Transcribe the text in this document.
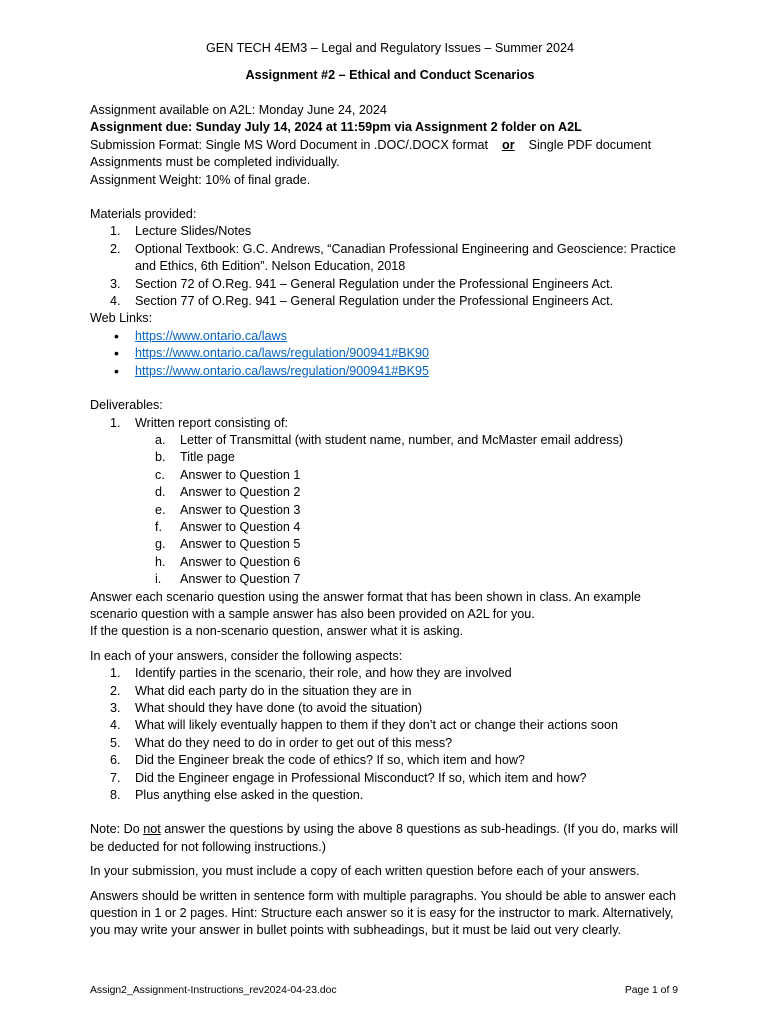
GEN TECH 4EM3 – Legal and Regulatory Issues – Summer 2024
Assignment #2 – Ethical and Conduct Scenarios
Assignment available on A2L: Monday June 24, 2024
Assignment due: Sunday July 14, 2024 at 11:59pm via Assignment 2 folder on A2L
Submission Format: Single MS Word Document in .DOC/.DOCX format or Single PDF document
Assignments must be completed individually.
Assignment Weight: 10% of final grade.
Materials provided:
1.	Lecture Slides/Notes
2.	Optional Textbook: G.C. Andrews, “Canadian Professional Engineering and Geoscience: Practice and Ethics, 6th Edition”. Nelson Education, 2018
3.	Section 72 of O.Reg. 941 – General Regulation under the Professional Engineers Act.
4.	Section 77 of O.Reg. 941 – General Regulation under the Professional Engineers Act.
Web Links:
• https://www.ontario.ca/laws
• https://www.ontario.ca/laws/regulation/900941#BK90
• https://www.ontario.ca/laws/regulation/900941#BK95
Deliverables:
1.	Written report consisting of:
a.	Letter of Transmittal (with student name, number, and McMaster email address)
b.	Title page
c.	Answer to Question 1
d.	Answer to Question 2
e.	Answer to Question 3
f.	Answer to Question 4
g.	Answer to Question 5
h.	Answer to Question 6
i.	Answer to Question 7

Answer each scenario question using the answer format that has been shown in class. An example scenario question with a sample answer has also been provided on A2L for you.

If the question is a non-scenario question, answer what it is asking.

In each of your answers, consider the following aspects:
1.	Identify parties in the scenario, their role, and how they are involved
2.	What did each party do in the situation they are in
3.	What should they have done (to avoid the situation)
4.	What will likely eventually happen to them if they don’t act or change their actions soon
5.	What do they need to do in order to get out of this mess?
6.	Did the Engineer break the code of ethics? If so, which item and how?
7.	Did the Engineer engage in Professional Misconduct? If so, which item and how?
8.	Plus anything else asked in the question.

Note: Do not answer the questions by using the above 8 questions as sub-headings. (If you do, marks will be deducted for not following instructions.)

In your submission, you must include a copy of each written question before each of your answers.

Answers should be written in sentence form with multiple paragraphs. You should be able to answer each question in 1 or 2 pages. Hint: Structure each answer so it is easy for the instructor to mark. Alternatively, you may write your answer in bullet points with subheadings, but it must be laid out very clearly.

Assign2_Assignment-Instructions_rev2024-04-23.doc	Page 1 of 9
